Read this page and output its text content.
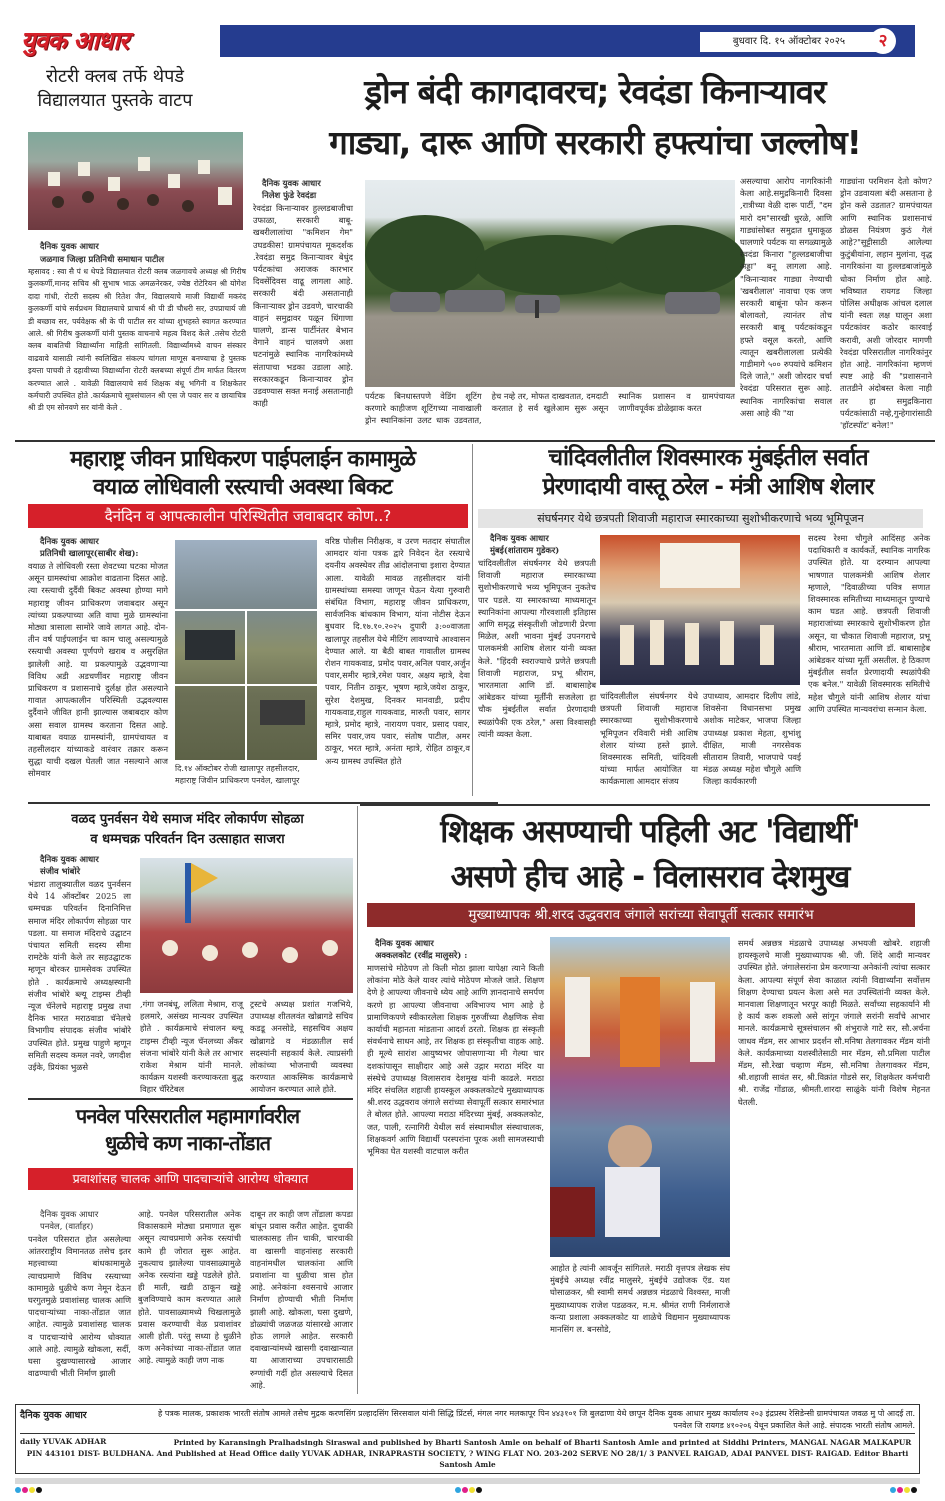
युवक आधार	बुधवार दि. १५ ऑक्टोबर २०२५	२
रोटरी क्लब तर्फे थेपडे विद्यालयात पुस्तके वाटप
दैनिक युवक आधार
जळगाव जिल्हा प्रतिनिधी समाधान पाटील
म्हसावद : स्वा सै पं ध थेपडे विद्यालयात रोटरी क्लब जळगावचे अध्यक्ष श्री गिरीष कुलकर्णी,मानद सचिव श्री सुभाष भाऊ अमळनेरकर, ज्येष्ठ रोटेरियन श्री योगेश दादा गांधी, रोटरी सदस्य श्री रितेश जैन, विद्यालयाचे माजी विद्यार्थी मकरंद कुलकर्णी यांचे सर्वप्रथम विद्यालयाचे प्राचार्य श्री पी डी चौधरी सर, उपप्राचार्य जी डी बच्छाव सर, पर्यवेक्षक श्री के पी पाटील सर यांच्या शुभहस्ते स्वागत करण्यात आले. श्री गिरीष कुलकर्णी यांनी पुस्तक वाचनाचे महत्व विशद केले .तसेच रोटरी क्लब बाबतिची विद्यार्थ्यांना माहिती सांगितली. विद्यार्थ्यांमध्ये वाचन संस्कार वाढवावे यासाठी त्यांनी स्वलिखित संकल्प चांगला माणूस बनण्याचा हे पुस्तक इयत्ता पाचवी ते दहावीच्या विद्यार्थ्यांना रोटरी क्लबच्या संपूर्ण टीम मार्फत वितरण करण्यात आले . यावेळी विद्यालयाचे सर्व शिक्षक बंधू भगिनी व शिक्षकेतर कर्मचारी उपस्थित होते .कार्यक्रमाचे सूत्रसंचालन श्री एस जे पवार सर व छायाचित्र श्री डी एम सोनवणे सर यांनी केले .
ड्रोन बंदी कागदावरच; रेवदंडा किनाऱ्यावर
गाड्या, दारू आणि सरकारी हफ्त्यांचा जल्लोष!
दैनिक युवक आधार
निलेश फुंडे रेवदंडा
रेवदंडा किनाऱ्यावर हुल्लडबाजीचा उफाळा, सरकारी बाबू-खबरीलालांचा "कमिशन गेम" उघडकीस! ग्रामपंचायत मूकदर्शक .रेवदंडा समुद्र किनाऱ्यावर बेधुंद पर्यटकांचा अराजक कारभार दिवसेंदिवस वाढू लागला आहे. सरकारी बंदी असतानाही किनाऱ्यावर ड्रोन उडवणे, चारचाकी वाहनं समुद्रावर पळून धिंगाणा घालणे, डान्स पार्टीनंतर बेभान वेगाने वाहनं चालवणे अशा घटनांमुळे स्थानिक नागरिकांमध्ये संतापाचा भडका उडाला आहे. सरकारकडून किनाऱ्यावर ड्रोन उडवण्यास सक्त मनाई असतानाही काही
पर्यटक बिनधास्तपणे वेडिंग शूटिंग करणारे काहीजण शूटिंगच्या नावाखाली ड्रोन स्थानिकांना उलट धाक उडवतात, हेच नव्हे तर, मोफत दाखवतात, दमदाटी करतात हे सर्व खुलेआम सुरू असून स्थानिक प्रशासन व ग्रामपंचायत जाणीवपूर्वक डोळेझाक करत
असल्याचा आरोप नागरिकांनी केला आहे.समुद्रकिनारी दिवसा ,रात्रीच्या वेळी दारू पार्टी, "दम मारो दम"सारखी धुरळे, आणि गाड्यांसोबत समुद्रात धुमाकूळ घालणारे पर्यटक या सगळ्यामुळे रेवदंडा किनारा "हुल्लडबाजीचा अड्डा" बनू लागला आहे. "किनाऱ्यावर गाड्या नेण्याची 'खबरीलाल' नावाचा एक जण सरकारी बाबूंना फोन करून बोलावतो, त्यानंतर तोच सरकारी बाबू पर्यटकांकडून हफ्ते वसूल करतो, आणि त्यातून खबरीलालला प्रत्येकी गाडीमागे ५०० रुपयांचे कमिशन दिले जाते," अशी जोरदार चर्चा रेवदंडा परिसरात सुरू आहे. स्थानिक नागरिकांचा सवाल असा आहे की "या
गाड्यांना परमिशन देतो कोण? ड्रोन उडवायला बंदी असताना हे ड्रोन कसे उडतात? ग्रामपंचायत आणि स्थानिक प्रशासनाचं डोळस नियंत्रण कुठं गेलं आहे?"सुट्टीसाठी आलेल्या कुटुंबीयांना, लहान मुलांना, वृद्ध नागरिकांना या हुल्लडबाजांमुळे धोका निर्माण होत आहे. भविष्यात रायगड जिल्हा पोलिस अधीक्षक आंचल दलाल यांनी स्वतः लक्ष घालून अशा पर्यटकांवर कठोर कारवाई करावी, अशी जोरदार मागणी रेवदंडा परिसरातील नागरिकांनुर होत आहे. नागरिकांना म्हणणं स्पष्ट आहे की "प्रशासनाने तातडीने अंदोबस्त केला नाही तर हा समुद्रकिनारा पर्यटकांसाठी नव्हे,गुन्हेगारांसाठी 'हॉटस्पॉट' बनेल!"
महाराष्ट्र जीवन प्राधिकरण पाईपलाईन कामामुळे
वयाळ लोधिवाली रस्त्याची अवस्था बिकट
दैनंदिन व आपत्कालीन परिस्थितीत जवाबदार कोण..?
दैनिक युवक आधार
प्रतिनिधी खालापूर(साबीर शेख):
वयाळ ते लोधिवली रस्ता शेवटच्या घटका मोजत असून ग्रामस्थांचा आक्रोश वाढताना दिसत आहे. त्या रस्त्याची दुर्दैवी बिकट अवस्था होण्या मागे महाराष्ट्र जीवन प्राधिकरण जवाबदार असून त्यांच्या प्रकल्पाच्या अति वाघा मुळे ग्रामस्थांना मोठ्या त्रासाला सामोरे जावे लागत आहे. दोन-तीन वर्ष पाईपलाईन चा काम चालू असल्यामुळे रस्त्याची अवस्था पूर्णपणे खराब व असुरक्षित झालेली आहे. या प्रकल्पामुळे उद्भवणाऱ्या विविध अडी अडचणींवर महाराष्ट्र जीवन प्राधिकरण व प्रशासनाचे दुर्लक्ष होत असल्याने गावात आपत्कालीन परिस्थिती उद्भवल्यास दुर्दैवाने जीवित हानी झाल्यास जबाबदार कोण असा सवाल ग्रामस्थ करताना दिसत आहे. याबाबत वयाळ ग्रामस्थांनी, ग्रामपंचायत व तहसीलदार यांच्याकडे वारंवार तक्रार करून सुद्धा याची दखल घेतली जात नसल्याने आज सोमवार	दि.१४ ऑक्टोबर रोजी खालापूर तहसीलदार, महाराष्ट्र जिवीन प्राधिकरण पनवेल, खालापूर
वरिष्ठ पोलीस निरीक्षक, व उरण मतदार संघातील आमदार यांना पत्रक द्वारे निवेदन देत रस्त्याचे दयनीय अवस्थेवर तीव्र आंदोलनाचा इशारा देण्यात आला. यावेळी मावळ तहसीलदार यांनी ग्रामस्थांच्या समस्या जाणून घेऊन येत्या गुरुवारी संबंधित विभाग, महाराष्ट्र जीवन प्राधिकरण, सार्वजनिक बांधकाम विभाग, यांना नोटीस देऊन बुधवार दि.१७.१०.२०२५ दुपारी ३:००वाजता खालापूर तहसील येथे मीटिंग लावण्याचे आश्वासन देण्यात आले. या बैठी बाबत गावातील ग्रामस्थ रोशन गायकवाड, प्रमोद पवार,अनिल पवार,अर्जुन पवार,समीर म्हात्रे,रमेश पवार, अक्षय म्हात्रे, देवा पवार, नितीन ठाकूर, भूषण म्हात्रे,जयेश ठाकूर, सुरेश देशमुख, दिनकर मानवाडी, प्रदीप गायकवाड,राहुल गायकवाड, मारुती पवार, सागर म्हात्रे, प्रमोद म्हात्रे, नारायण पवार, प्रसाद पवार, समिर पवार,जय पवार, संतोष पाटील, अमर ठाकूर, भरत म्हात्रे, अनंता म्हात्रे, रोहित ठाकूर,व अन्य ग्रामस्थ उपस्थित होते
चांदिवलीतील शिवस्मारक मुंबईतील सर्वात
प्रेरणादायी वास्तू ठरेल - मंत्री आशिष शेलार
संघर्षनगर येथे छत्रपती शिवाजी महाराज स्मारकाच्या सुशोभीकरणाचे भव्य भूमिपूजन
दैनिक युवक आधार
मुंबई(शांताराम गुडेकर)
चांदिवलीतील संघर्षनगर येथे छत्रपती शिवाजी महाराज स्मारकाच्या सुशोभीकरणाचे भव्य भूमिपूजन नुकतेच पार पडले. या स्मारकाच्या माध्यमातून स्थानिकांना आपल्या गौरवशाली इतिहास आणि समृद्ध संस्कृतीशी जोडणारी प्रेरणा मिळेल, अशी भावना मुंबई उपनगराचे पालकमंत्री आशिष शेलार यांनी व्यक्त केले. "हिंदवी स्वराज्याचे प्रणेते छत्रपती शिवाजी महाराज, प्रभू श्रीराम, भारतमाता आणि डॉ. बाबासाहेब आंबेडकर यांच्या मूर्तींनी सजलेला हा चौक मुंबईतील सर्वात प्रेरणादायी स्थळांपैकी एक ठरेल," असा विश्वासही त्यांनी व्यक्त केला.
चांदिवलीतील संघर्षनगर येथे छत्रपती शिवाजी महाराज स्मारकाच्या सुशोभीकरणाचे भूमिपूजन रविवारी मंत्री आशिष शेलार यांच्या हस्ते झाले. शिवस्मारक समिती, चांदिवली यांच्या मार्फत आयोजित या कार्यक्रमाला आमदार संजय
उपाध्याय, आमदार दिलीप लांडे, शिवसेना विधानसभा प्रमुख अशोक माटेकर, भाजपा जिल्हा उपाध्यक्ष प्रकाश मेहता, शुभांशु दीक्षित, माजी नगरसेवक सीताराम तिवारी, भाजपाचे पवई मंडळ अध्यक्ष महेश चौगुले आणि जिल्हा कार्यकारणी
सदस्य रेश्मा चौगुले आदिंसह अनेक पदाधिकारी व कार्यकर्ते, स्थानिक नागरिक उपस्थित होते. या दरम्यान आपल्या भाषणात पालकमंत्री आशिष शेलार म्हणाले, "दिवाळीच्या पवित्र सणात शिवस्मारक समितीच्या माध्यमातून पुण्याचे काम घडत आहे. छत्रपती शिवाजी महाराजांच्या स्मारकाचे सुशोभीकरण होत असून, या चौकात शिवाजी महाराज, प्रभू श्रीराम, भारतमाता आणि डॉ. बाबासाहेब आंबेडकर यांच्या मूर्ती असतील. हे ठिकाण मुंबईतील सर्वांत प्रेरणादायी स्थळांपैकी एक बनेल." यावेळी शिवस्मारक समितीचे महेश चौगुले यांनी आशिष शेलार यांचा आणि उपस्थित मान्यवरांचा सन्मान केला.
वळद पुनर्वसन येथे समाज मंदिर लोकार्पण सोहळा
व धम्मचक्र परिवर्तन दिन उत्साहात साजरा
दैनिक युवक आधार
संजीव भांबोरे
भंडारा तालुक्यातील वळद पुनर्वसन येथे 14 ऑक्टोंबर 2025 ला धम्मचक्र परिवर्तन दिनानिमित्त समाज मंदिर लोकार्पण सोहळा पार पडला. या समाज मंदिराचे उद्घाटन पंचायत समिती सदस्य सीमा रामटेके यांनी केले तर सहउद्घाटक म्हणून बोरकर ग्रामसेवक उपस्थित होते . कार्यक्रमाचे अध्यक्षस्थानी संजीव भांबोरे ब्ल्यू टाइम्स टीव्ही न्यूज चॅनेलचे महाराष्ट्र प्रमुख तथा दैनिक भारत मराठवाडा चॅनेलचे विभागीय संपादक संजीव भांबोरे उपस्थित होते. प्रमुख पाहुणे म्हणून समिती सदस्य कमल नवरे, जगदीश उईके, प्रियंका भुळसे
,गंगा जनबंधू, ललिता मेश्राम, राजू हलमारे, असंख्य मान्यवर उपस्थित होते . कार्यक्रमाचे संचालन ब्ल्यू टाइम्स टीव्ही न्यूज चॅनलच्या अँकर संजना भांबोरे यांनी केले तर आभार राकेश मेश्राम यांनी मानले. कार्यक्रम यशस्वी करण्याकरता बुद्ध विहार चॅरिटेबल
ट्रस्टचे अध्यक्ष प्रशांत गजभिये, उपाध्यक्ष शीतलवंत खोब्रागडे सचिव कडडू अनसोडे, सहसचिव अक्षय खोब्रागडे व मंडळातील सर्व सदस्यांनी सहकार्य केले. त्याप्रसंगी लोकांच्या भोजनाची व्यवस्था करण्यात आकस्मिक कार्यक्रमाचे आयोजन करण्यात आले होते.
पनवेल परिसरातील महामार्गावरील
धुळीचे कण नाका-तोंडात
प्रवाशांसह चालक आणि पादचाऱ्यांचे आरोग्य धोक्यात
दैनिक युवक आधार
पनवेल, (वार्ताहर)
पनवेल परिसरात होत असलेल्या आंतरराष्ट्रीय विमानतळ तसेच इतर महत्त्वाच्या बांधकामामुळे त्याचप्रमाणे विविध रस्त्याच्या कामामुळे धुळीचे कण नेमून देऊन घरगुतमुळे प्रवाशांसह चालक आणि पादचाऱ्यांच्या नाका-तोंडात जात आहेत. त्यामुळे प्रवाशांसह चालक व पादचाऱ्यांचे आरोग्य धोक्यात आले आहे. त्यामुळे खोकला, सर्दी, घसा दुखण्यासारखे आजार वाढण्याची भीती निर्माण झाली
आहे. पनवेल परिसरातील अनेक विकासकामे मोठ्या प्रमाणात सुरू असून त्याचप्रमाणे अनेक रस्त्यांची कामे ही जोरात सुरू आहेत. नुकत्याच झालेल्या पावसाळ्यामुळे अनेक रस्त्यांना खड्डे पडलेले होते. ही माती, खडी ठाकून खड्डे बुजविण्याचे काम करण्यात आले होते. पावसाळ्यामध्ये चिखलामुळे प्रवास करण्याची वेळ प्रवाशांवर आली होती. परंतु सध्या हे धुळीने कण अनेकांच्या नाका-तोंडात जात आहे. त्यामुळे काही जण नाक
दाबून तर काही जण तोंडाला कपडा बांधून प्रवास करीत आहेत. दुचाकी चालकासह तीन चाकी, चारचाकी वा खासगी वाहनांसह सरकारी वाहनांमधील चालकांना आणि प्रवाशांना या धुळीचा त्रास होत आहे. अनेकांना श्वसनाचे आजार निर्माण होण्याची भीती निर्माण झाली आहे. खोकला, घसा दुखणे, डोळ्यांची जळजळ यांसारखे आजार होऊ लागले आहेत. सरकारी दवाखान्यांमध्ये खासगी दवाखान्यात या आजाराच्या उपचारासाठी रुग्णांची गर्दी होत असल्याचे दिसत आहे.
शिक्षक असण्याची पहिली अट 'विद्यार्थी'
असणे हीच आहे - विलासराव देशमुख
मुख्याध्यापक श्री.शरद उद्धवराव जंगाले सरांच्या सेवापूर्ती सत्कार समारंभ
दैनिक युवक आधार
अक्कलकोट (रवींद्र मालुसरे) :
माणसांचे मोठेपण तो किती मोठा झाला यापेक्षा त्याने किती लोकांना मोठे केले यावर त्यांचे मोठेपण मोजले जाते. शिक्षण देणे हे आपल्या जीवनाचे ध्येय आहे आणि ज्ञानदानाचे समर्पण करणे हा आपल्या जीवनाचा अविभाज्य भाग आहे हे प्रामाणिकपणे स्वीकारलेला शिक्षक गुरुजींच्या शैक्षणिक सेवा कार्याची महानता मांडताना आदर्श ठरतो. शिक्षक हा संस्कृती संवर्धनाचे साधन आहे, तर शिक्षक हा संस्कृतीचा वाहक आहे. ही मूल्ये सारांश आयुष्यभर जोपासणाऱ्या मी गेल्या चार दशकांपासून साक्षीदार आहे असे उद्गार मराठा मंदिर या संस्थेचे उपाध्यक्ष विलासराव देशमुख यांनी काढले. मराठा मंदिर संचलित शहाजी हायस्कूल अक्कलकोटचे मुख्याध्यापक श्री.शरद उद्धवराव जंगाले सरांच्या सेवापूर्ती सत्कार समारंभात ते बोलत होते. आपल्या मराठा मंदिरच्या मुंबई, अक्कलकोट, जत, पाली, रत्नागिरी येथील सर्व संस्थामधील संस्थाचालक, शिक्षकवर्ग आणि विद्यार्थी परस्परांना पूरक अशी सामजस्याची भूमिका घेत यशस्वी वाटचाल करीत
आहोत हे त्यांनी आवर्जून सांगितले. मराठी वृत्तपत्र लेखक संघ मुंबईचे अध्यक्ष रवींद्र मालुसरे, मुंबईचे उद्योजक ऍड. यश घोसाळकर, श्री स्वामी समर्थ अन्नछत्र मंडळाचे विश्वस्त, माजी मुख्याध्यापक राजेश पडळकर, म.म. श्रीमंत राणी निर्मलाराजे कन्या प्रशाला अक्कलकोट या शाळेचे विद्यमान मुख्याध्यापक मानसिंग ल. बनसोडे,
समर्थ अन्नछत्र मंडळाचे उपाध्यक्ष अभयजी खोबरे. शहाजी हायस्कूलचे माजी मुख्याध्यापक श्री. जी. शिंदे आदी मान्यवर उपस्थित होते. जंगालेसरांना प्रेम करणाऱ्या अनेकांनी त्यांचा सत्कार केला. आपल्या संपूर्ण सेवा काळात त्यांनी विद्यार्थ्यांना सर्वोत्तम शिक्षण देण्याचा प्रयत्न केला असे मत उपस्थितांनी व्यक्त केले. मानवाला शिक्षणातून भरपूर काही मिळते. सर्वांच्या सहकार्याने मी हे कार्य करू शकलो असे सांगून जंगाले सरांनी सर्वांचे आभार मानले. कार्यक्रमाचे सूत्रसंचालन श्री शंभुराजे गाटे सर, सौ.अर्चना जाधव मॅडम, सर आभार प्रदर्शन सौ.मनिषा तेलगावकर मॅडम यांनी केले. कार्यक्रमाच्या यशस्वीतेसाठी मार मॅडम, सौ.प्रमिला पाटील मॅडम, सौ.रेखा चव्हाण मॅडम, सौ.मनिषा तेलगावकर मॅडम, श्री.शहाजी सावंत सर, श्री.विक्रांत गोडसे सर, शिक्षकेतर कर्मचारी श्री. राजेंद्र गोंडाळ, श्रीमती.शारदा साळुंके यांनी विशेष मेहनत घेतली.
दैनिक युवक आधार	हे पत्रक मालक, प्रकाशक भारती संतोष आमले तसेच मुद्रक करणसिंग प्रल्हादसिंग सिरसवाल यांनी सिद्धि प्रिंटर्स, मंगल नगर मलकापूर पिन ४४३१०१ जि बुलढाणा येथे छापून दैनिक युवक आधार मुख्य कार्यालय २०३ इंद्रप्रस्थ रेसिडेन्सी ग्रामपंचायत जवळ मु पो आदई ता. पनवेल जि रायगड ४१०२०६ येथून प्रकाशित केले आहे. संपादक भारती संतोष आमले.
daily YUVAK ADHAR	Printed by Karansingh Pralhadsingh Siraswal and published by Bharti Santosh Amle on behalf of Bharti Santosh Amle and printed at Siddhi Printers, MANGAL NAGAR MALKAPUR PIN 443101 DIST- BULDHANA. And Published at Head Office daily YUVAK ADHAR, INRAPRASTH SOCIETY, ? WING FLAT NO. 203-202 SERVE NO 28/1/ 3 PANVEL RAIGAD, ADAI PANVEL DIST- RAIGAD. Editor Bharti Santosh Amle
